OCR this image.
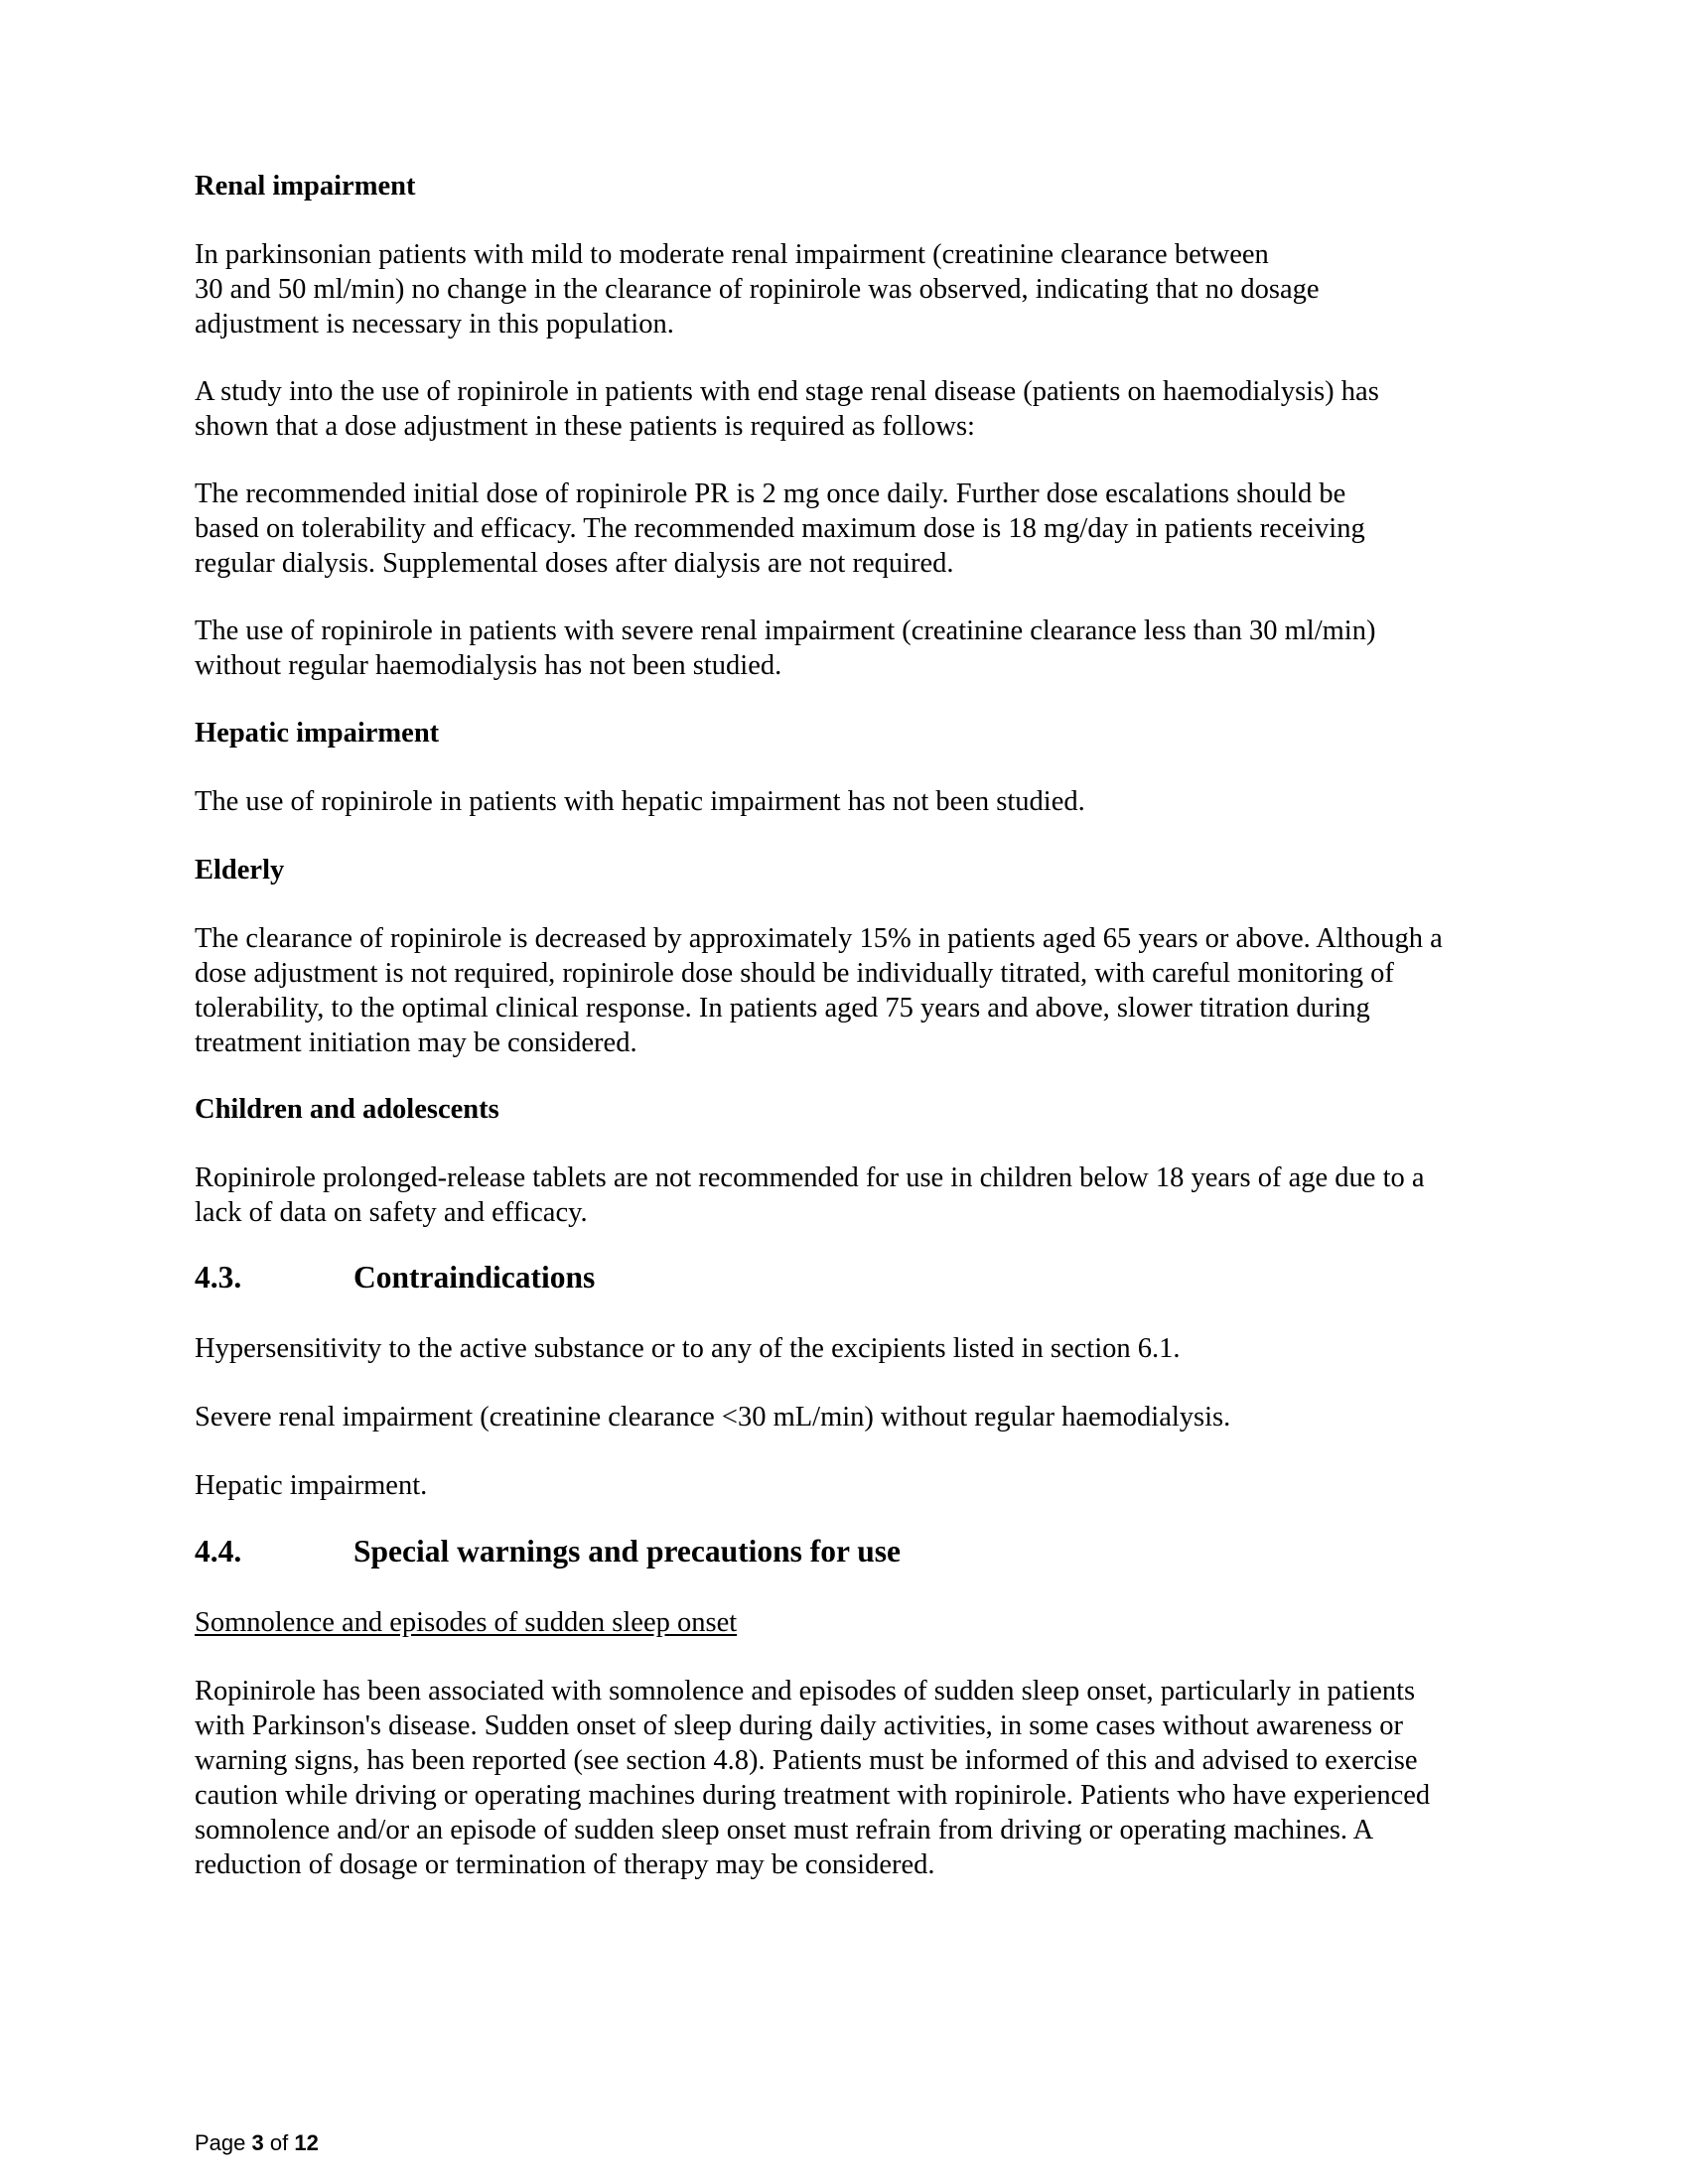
Renal impairment
In parkinsonian patients with mild to moderate renal impairment (creatinine clearance between
30 and 50 ml/min) no change in the clearance of ropinirole was observed, indicating that no dosage
adjustment is necessary in this population.
A study into the use of ropinirole in patients with end stage renal disease (patients on haemodialysis) has
shown that a dose adjustment in these patients is required as follows:
The recommended initial dose of ropinirole PR is 2 mg once daily. Further dose escalations should be
based on tolerability and efficacy. The recommended maximum dose is 18 mg/day in patients receiving
regular dialysis. Supplemental doses after dialysis are not required.
The use of ropinirole in patients with severe renal impairment (creatinine clearance less than 30 ml/min)
without regular haemodialysis has not been studied.
Hepatic impairment
The use of ropinirole in patients with hepatic impairment has not been studied.
Elderly
The clearance of ropinirole is decreased by approximately 15% in patients aged 65 years or above. Although a
dose adjustment is not required, ropinirole dose should be individually titrated, with careful monitoring of
tolerability, to the optimal clinical response. In patients aged 75 years and above, slower titration during
treatment initiation may be considered.
Children and adolescents
Ropinirole prolonged-release tablets are not recommended for use in children below 18 years of age due to a
lack of data on safety and efficacy.
4.3.	Contraindications
Hypersensitivity to the active substance or to any of the excipients listed in section 6.1.
Severe renal impairment (creatinine clearance <30 mL/min) without regular haemodialysis.
Hepatic impairment.
4.4.	Special warnings and precautions for use
Somnolence and episodes of sudden sleep onset
Ropinirole has been associated with somnolence and episodes of sudden sleep onset, particularly in patients
with Parkinson's disease. Sudden onset of sleep during daily activities, in some cases without awareness or
warning signs, has been reported (see section 4.8). Patients must be informed of this and advised to exercise
caution while driving or operating machines during treatment with ropinirole. Patients who have experienced
somnolence and/or an episode of sudden sleep onset must refrain from driving or operating machines. A
reduction of dosage or termination of therapy may be considered.
Page 3 of 12
